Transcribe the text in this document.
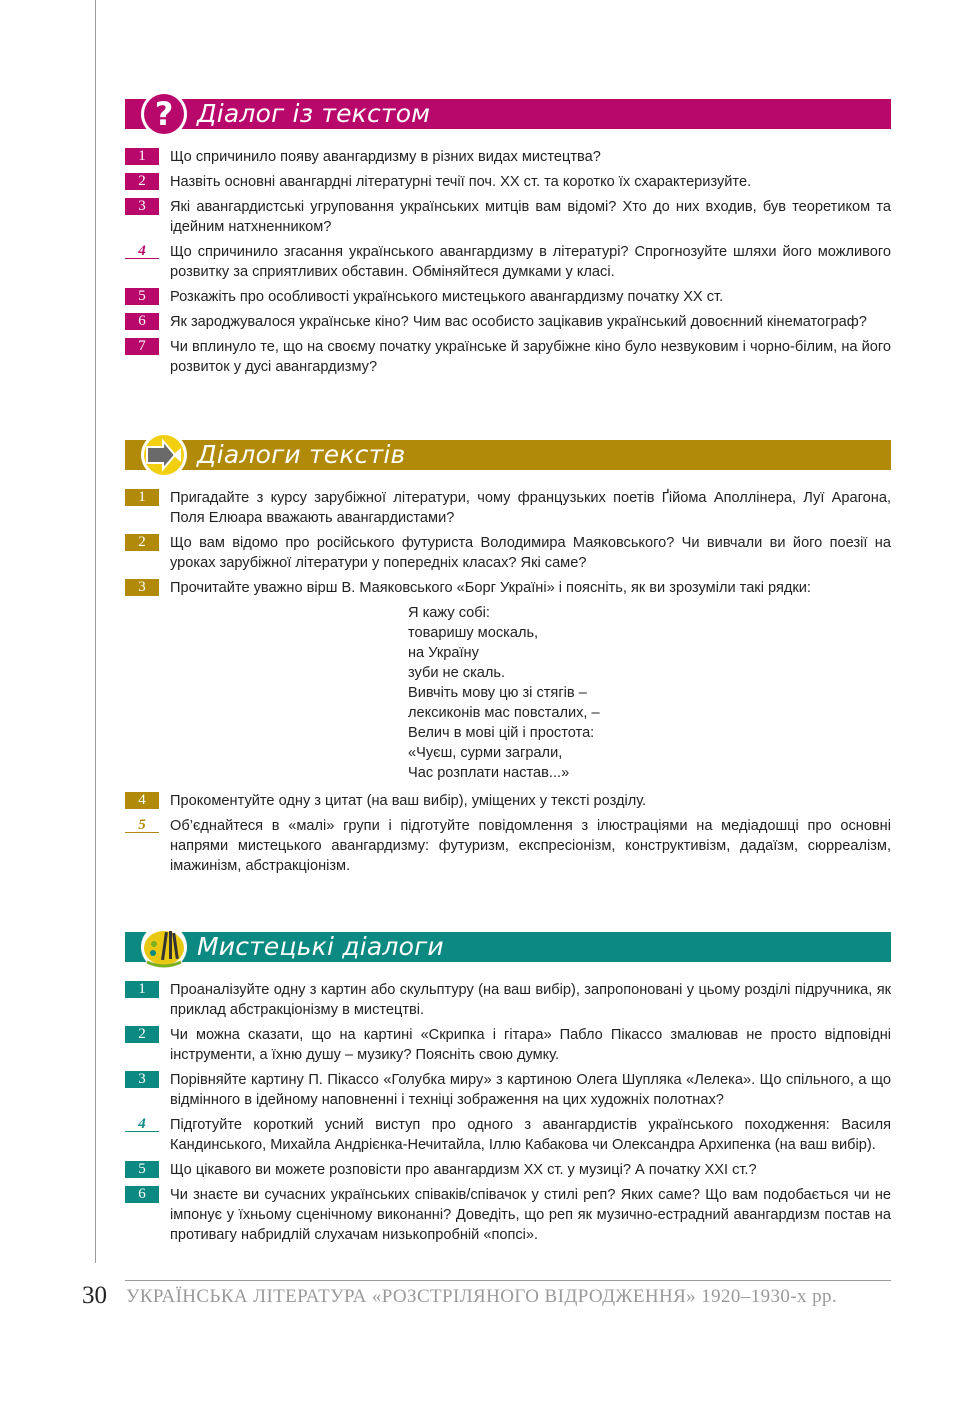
? Діалог із текстом
1	Що спричинило появу авангардизму в різних видах мистецтва?
2	Назвіть основні авангардні літературні течії поч. ХХ ст. та коротко їх схарактеризуйте.
3	Які авангардистські угруповання українських митців вам відомі? Хто до них входив, був теоретиком та ідейним натхненником?
4	Що спричинило згасання українського авангардизму в літературі? Спрогнозуйте шляхи його можливого розвитку за сприятливих обставин. Обміняйтеся думками у класі.
5	Розкажіть про особливості українського мистецького авангардизму початку ХХ ст.
6	Як зароджувалося українське кіно? Чим вас особисто зацікавив український довоєнний кінематограф?
7	Чи вплинуло те, що на своєму початку українське й зарубіжне кіно було незвуковим і чорно-білим, на його розвиток у дусі авангардизму?
Діалоги текстів
1	Пригадайте з курсу зарубіжної літератури, чому французьких поетів Ґійома Аполлінера, Луї Арагона, Поля Елюара вважають авангардистами?
2	Що вам відомо про російського футуриста Володимира Маяковського? Чи вивчали ви його поезії на уроках зарубіжної літератури у попередніх класах? Які саме?
3	Прочитайте уважно вірш В. Маяковського «Борг Україні» і поясніть, як ви зрозуміли такі рядки:
Я кажу собі:
товаришу москаль,
на Україну
зуби не скаль.
Вивчіть мову цю зі стягів –
лексиконів мас повсталих, –
Велич в мові цій і простота:
«Чуєш, сурми заграли,
Час розплати настав...»
4	Прокоментуйте одну з цитат (на ваш вибір), уміщених у тексті розділу.
5	Об’єднайтеся в «малі» групи і підготуйте повідомлення з ілюстраціями на медіадошці про основні напрями мистецького авангардизму: футуризм, експресіонізм, конструктивізм, дадаїзм, сюрреалізм, імажинізм, абстракціонізм.
Мистецькі діалоги
1	Проаналізуйте одну з картин або скульптуру (на ваш вибір), запропоновані у цьому розділі підручника, як приклад абстракціонізму в мистецтві.
2	Чи можна сказати, що на картині «Скрипка і гітара» Пабло Пікассо змалював не просто відповідні інструменти, а їхню душу – музику? Поясніть свою думку.
3	Порівняйте картину П. Пікассо «Голубка миру» з картиною Олега Шупляка «Лелека». Що спільного, а що відмінного в ідейному наповненні і техніці зображення на цих художніх полотнах?
4	Підготуйте короткий усний виступ про одного з авангардистів українського походження: Василя Кандинського, Михайла Андрієнка-Нечитайла, Іллю Кабакова чи Олександра Архипенка (на ваш вибір).
5	Що цікавого ви можете розповісти про авангардизм ХХ ст. у музиці? А початку ХХІ ст.?
6	Чи знаєте ви сучасних українських співаків/співачок у стилі реп? Яких саме? Що вам подобається чи не імпонує у їхньому сценічному виконанні? Доведіть, що реп як музично-естрадний авангардизм постав на противагу набридлій слухачам низькопробній «попсі».
30 УКРАЇНСЬКА ЛІТЕРАТУРА «РОЗСТРІЛЯНОГО ВІДРОДЖЕННЯ» 1920–1930-х рр.
